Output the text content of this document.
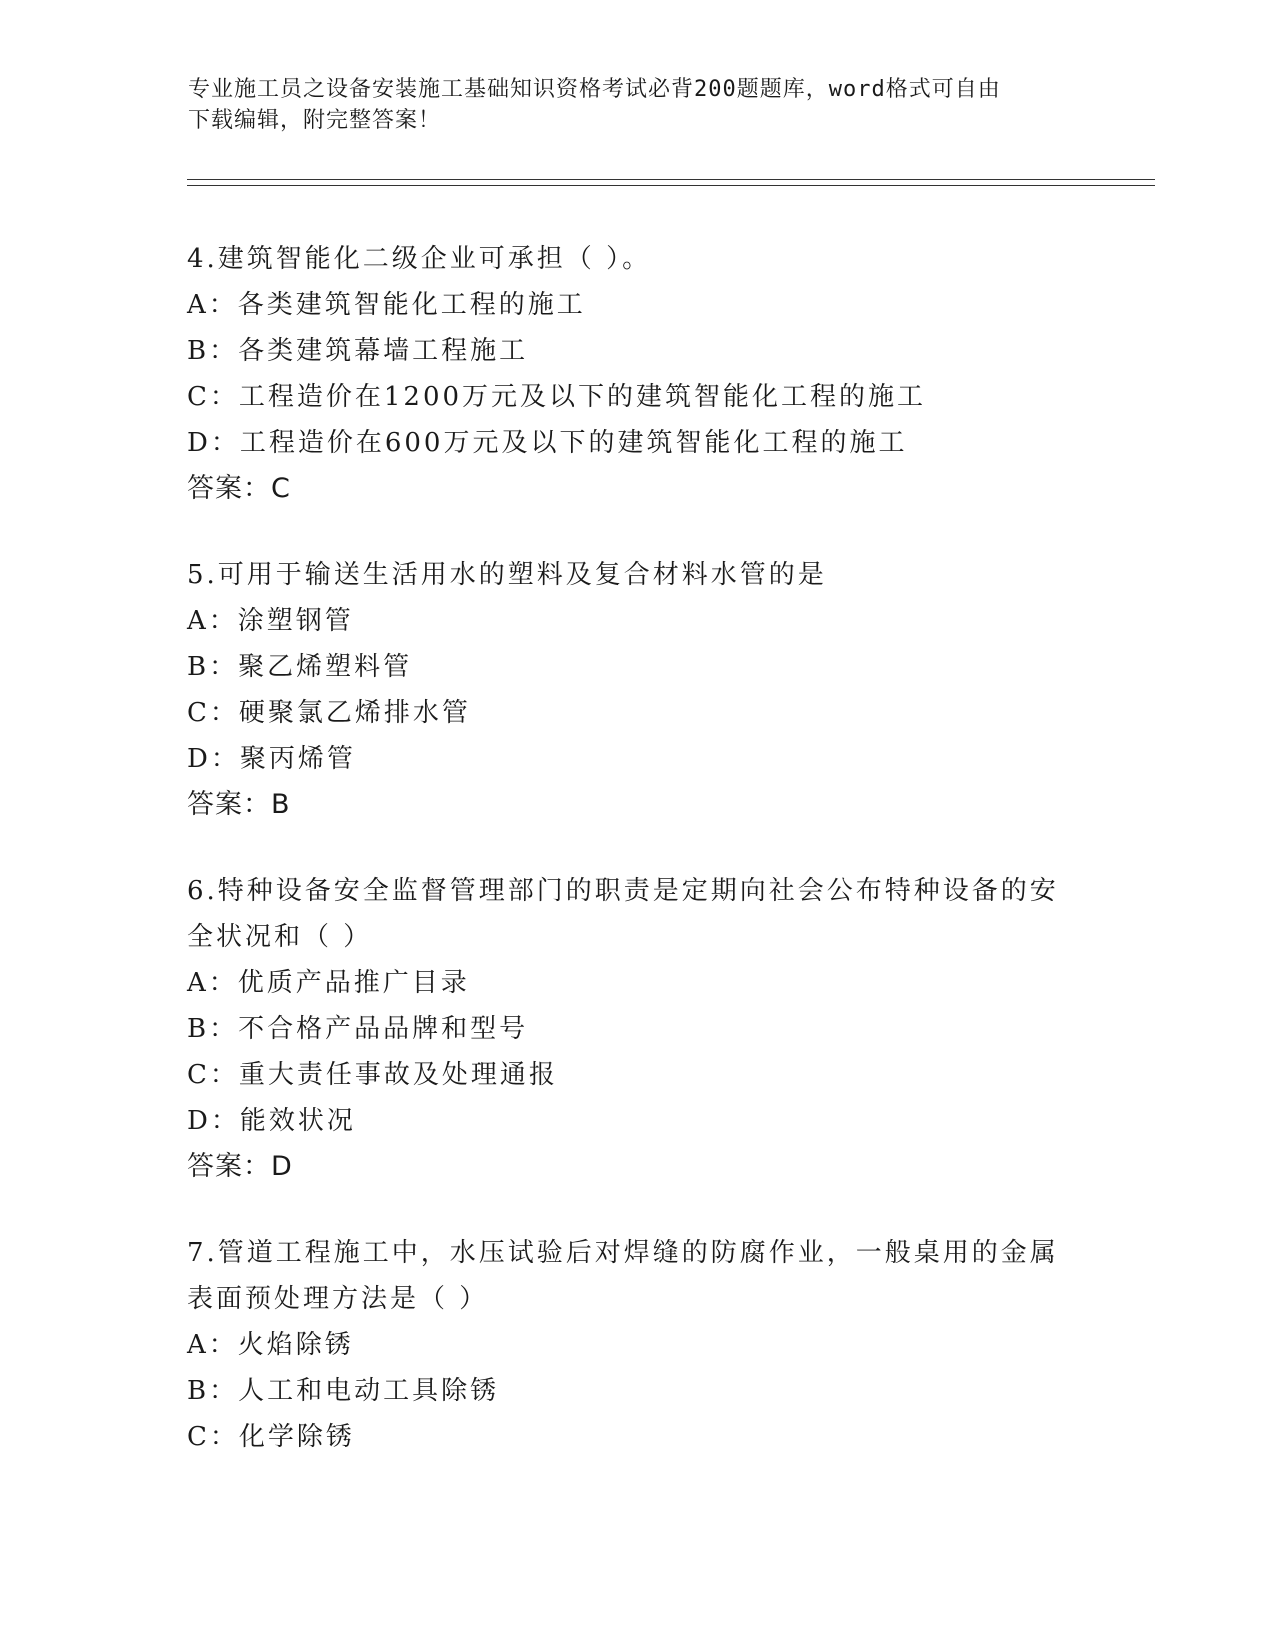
专业施工员之设备安装施工基础知识资格考试必背200题题库，word格式可自由
下载编辑，附完整答案！
4.建筑智能化二级企业可承担（ ）。
A：各类建筑智能化工程的施工
B：各类建筑幕墙工程施工
C：工程造价在1200万元及以下的建筑智能化工程的施工
D：工程造价在600万元及以下的建筑智能化工程的施工
答案：C
5.可用于输送生活用水的塑料及复合材料水管的是
A：涂塑钢管
B：聚乙烯塑料管
C：硬聚氯乙烯排水管
D：聚丙烯管
答案：B
6.特种设备安全监督管理部门的职责是定期向社会公布特种设备的安
全状况和（ ）
A：优质产品推广目录
B：不合格产品品牌和型号
C：重大责任事故及处理通报
D：能效状况
答案：D
7.管道工程施工中，水压试验后对焊缝的防腐作业，一般桌用的金属
表面预处理方法是（ ）
A：火焰除锈
B：人工和电动工具除锈
C：化学除锈
